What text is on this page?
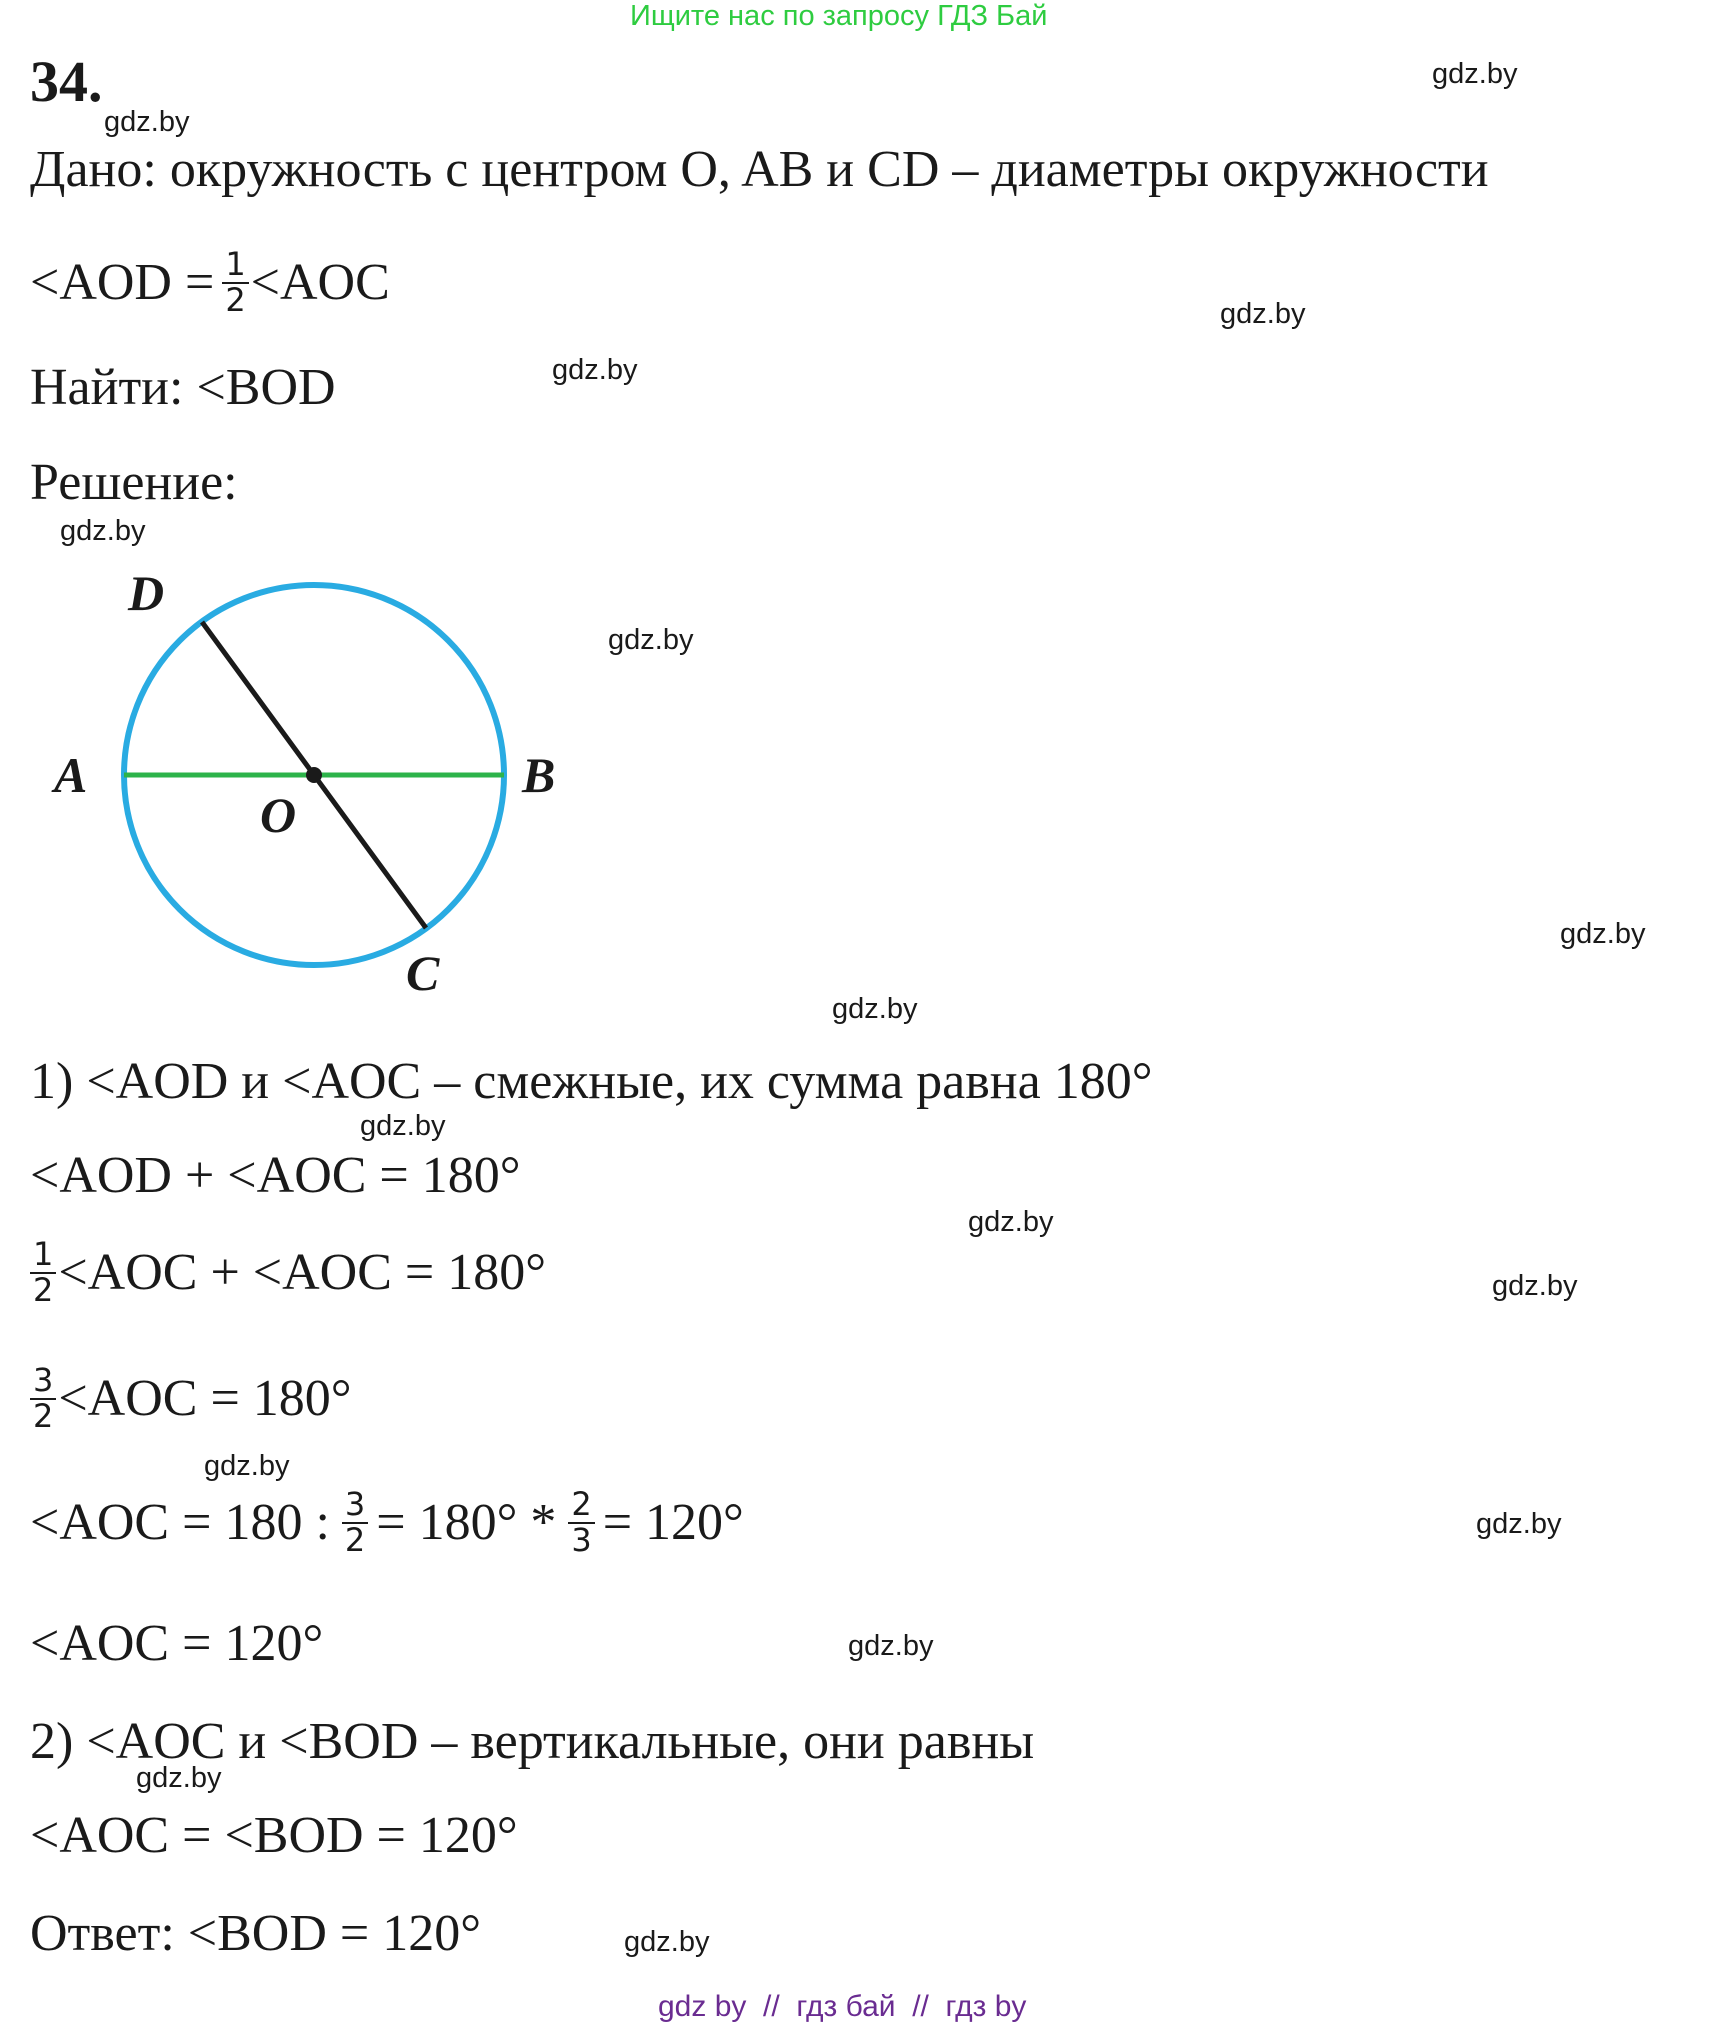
Ищите нас по запросу ГДЗ Бай
34.	gdz.by
gdz.by
gdz.by
gdz.by
gdz.by
gdz.by
gdz.by
gdz.by
gdz.by
gdz.by
gdz.by
gdz.by
gdz.by
gdz.by
gdz.by
gdz.by
Дано: окружность с центром O, AB и CD – диаметры окружности
$<AOD = \frac{1}{2} <AOC$
Найти: <BOD
Решение:
D
A	B
O
C
1) <AOD и <AOC – смежные, их сумма равна 180°
<AOD + <AOC = 180°
$\frac{1}{2} <AOC + <AOC = 180^\circ$
$\frac{3}{2} <AOC = 180^\circ$
<AOC = 180 : $\frac{3}{2} = 180^\circ * \frac{2}{3} = 120^\circ$
<AOC = 120°
2) <AOC и <BOD – вертикальные, они равны
<AOC = <BOD = 120°
Ответ: <BOD = 120°
gdz by  //  гдз бай  //  гдз by
